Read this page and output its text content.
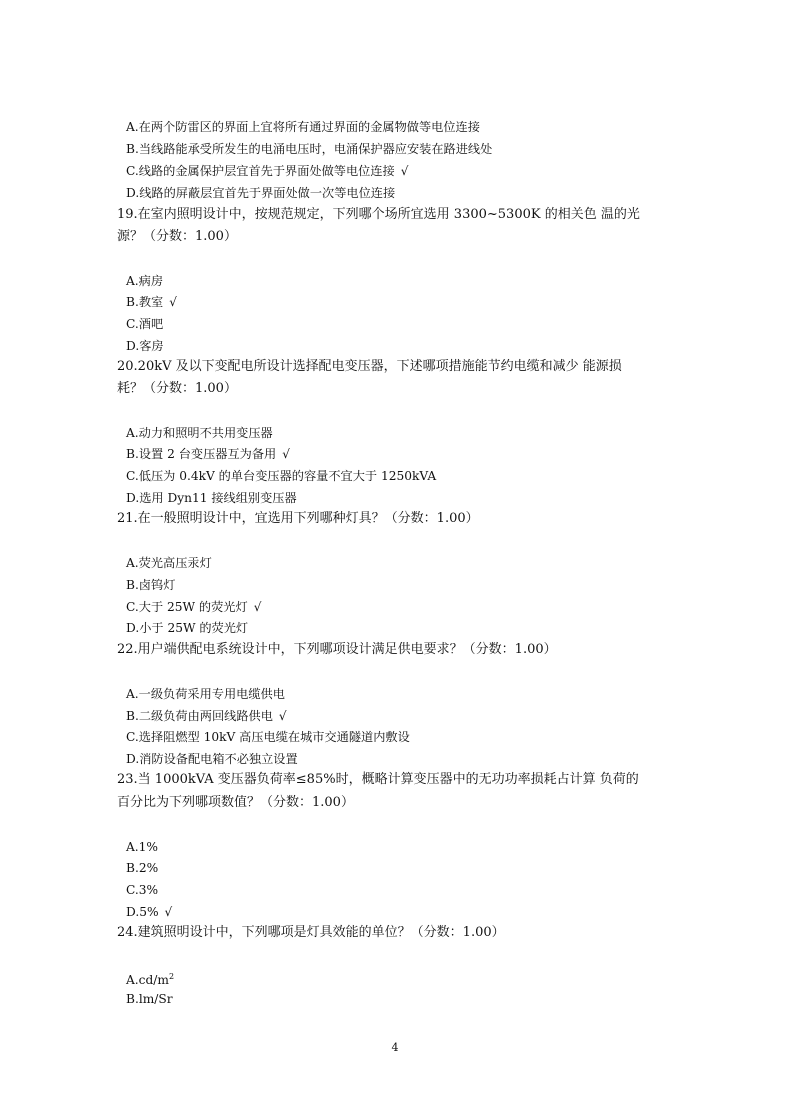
A.在两个防雷区的界面上宜将所有通过界面的金属物做等电位连接
B.当线路能承受所发生的电涌电压时，电涌保护器应安装在路进线处
C.线路的金属保护层宜首先于界面处做等电位连接 √
D.线路的屏蔽层宜首先于界面处做一次等电位连接
19.在室内照明设计中，按规范规定，下列哪个场所宜选用 3300~5300K 的相关色 温的光
源？（分数：1.00）
A.病房
B.教室 √
C.酒吧
D.客房
20.20kV 及以下变配电所设计选择配电变压器，下述哪项措施能节约电缆和减少 能源损
耗？（分数：1.00）
A.动力和照明不共用变压器
B.设置 2 台变压器互为备用 √
C.低压为 0.4kV 的单台变压器的容量不宜大于 1250kVA
D.选用 Dyn11 接线组别变压器
21.在一般照明设计中，宜选用下列哪种灯具？（分数：1.00）
A.荧光高压汞灯
B.卤钨灯
C.大于 25W 的荧光灯 √
D.小于 25W 的荧光灯
22.用户端供配电系统设计中，下列哪项设计满足供电要求？（分数：1.00）
A.一级负荷采用专用电缆供电
B.二级负荷由两回线路供电 √
C.选择阻燃型 10kV 高压电缆在城市交通隧道内敷设
D.消防设备配电箱不必独立设置
23.当 1000kVA 变压器负荷率≤85%时，概略计算变压器中的无功功率损耗占计算 负荷的
百分比为下列哪项数值？（分数：1.00）
A.1%
B.2%
C.3%
D.5% √
24.建筑照明设计中，下列哪项是灯具效能的单位？（分数：1.00）
$A.cd/m^2$
B.lm/Sr
4
